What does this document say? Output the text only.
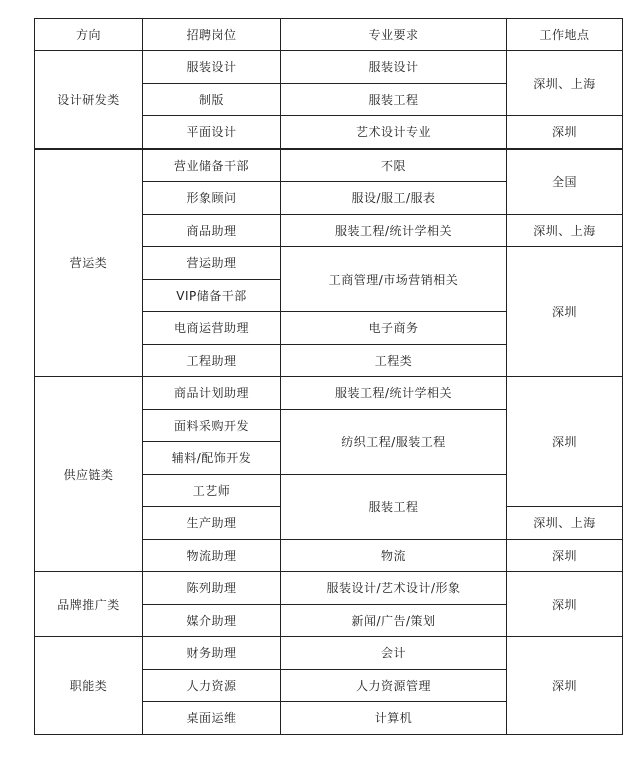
方向	招聘岗位	专业要求	工作地点
设计研发类	服装设计	服装设计	深圳、上海
	制版	服装工程	
	平面设计	艺术设计专业	深圳
营运类	营业储备干部	不限	全国
	形象顾问	服设/服工/服表	
	商品助理	服装工程/统计学相关	深圳、上海
	营运助理	工商管理/市场营销相关	深圳
	VIP储备干部		
	电商运营助理	电子商务	
	工程助理	工程类	
供应链类	商品计划助理	服装工程/统计学相关	深圳
	面料采购开发	纺织工程/服装工程	
	辅料/配饰开发		
	工艺师	服装工程	
	生产助理		深圳、上海
	物流助理	物流	深圳
品牌推广类	陈列助理	服装设计/艺术设计/形象	深圳
	媒介助理	新闻/广告/策划	
职能类	财务助理	会计	深圳
	人力资源	人力资源管理	
	桌面运维	计算机	
